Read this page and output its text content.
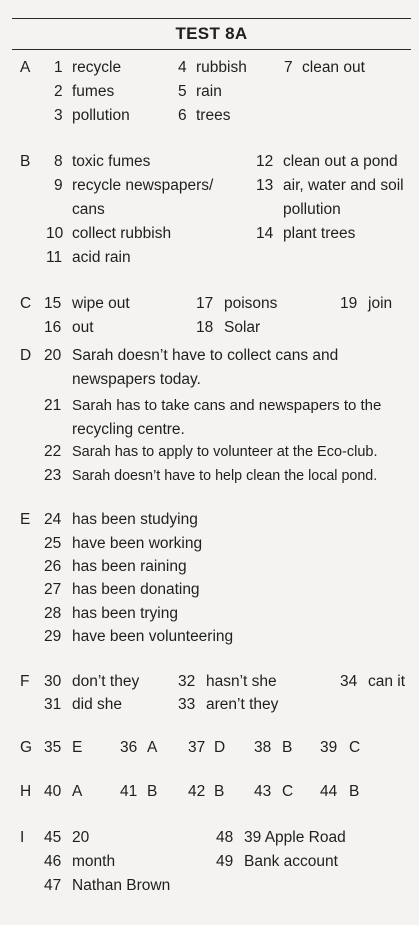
TEST 8A
A 1 recycle
2 fumes
3 pollution
4 rubbish
5 rain
6 trees
7 clean out
B 8 toxic fumes
9 recycle newspapers/
cans
10 collect rubbish
11 acid rain
12 clean out a pond
13 air, water and soil
pollution
14 plant trees
C 15 wipe out
16 out
17 poisons
18 Solar
19 join
D 20 Sarah doesn’t have to collect cans and
newspapers today.
21 Sarah has to take cans and newspapers to the
recycling centre.
22 Sarah has to apply to volunteer at the Eco-club.
23 Sarah doesn’t have to help clean the local pond.
E 24 has been studying
25 have been working
26 has been raining
27 has been donating
28 has been trying
29 have been volunteering
F 30 don’t they
31 did she
32 hasn’t she
33 aren’t they
34 can it
G 35 E 36 A 37 D 38 B 39 C
H 40 A 41 B 42 B 43 C 44 B
I 45 20
46 month
47 Nathan Brown
48 39 Apple Road
49 Bank account
